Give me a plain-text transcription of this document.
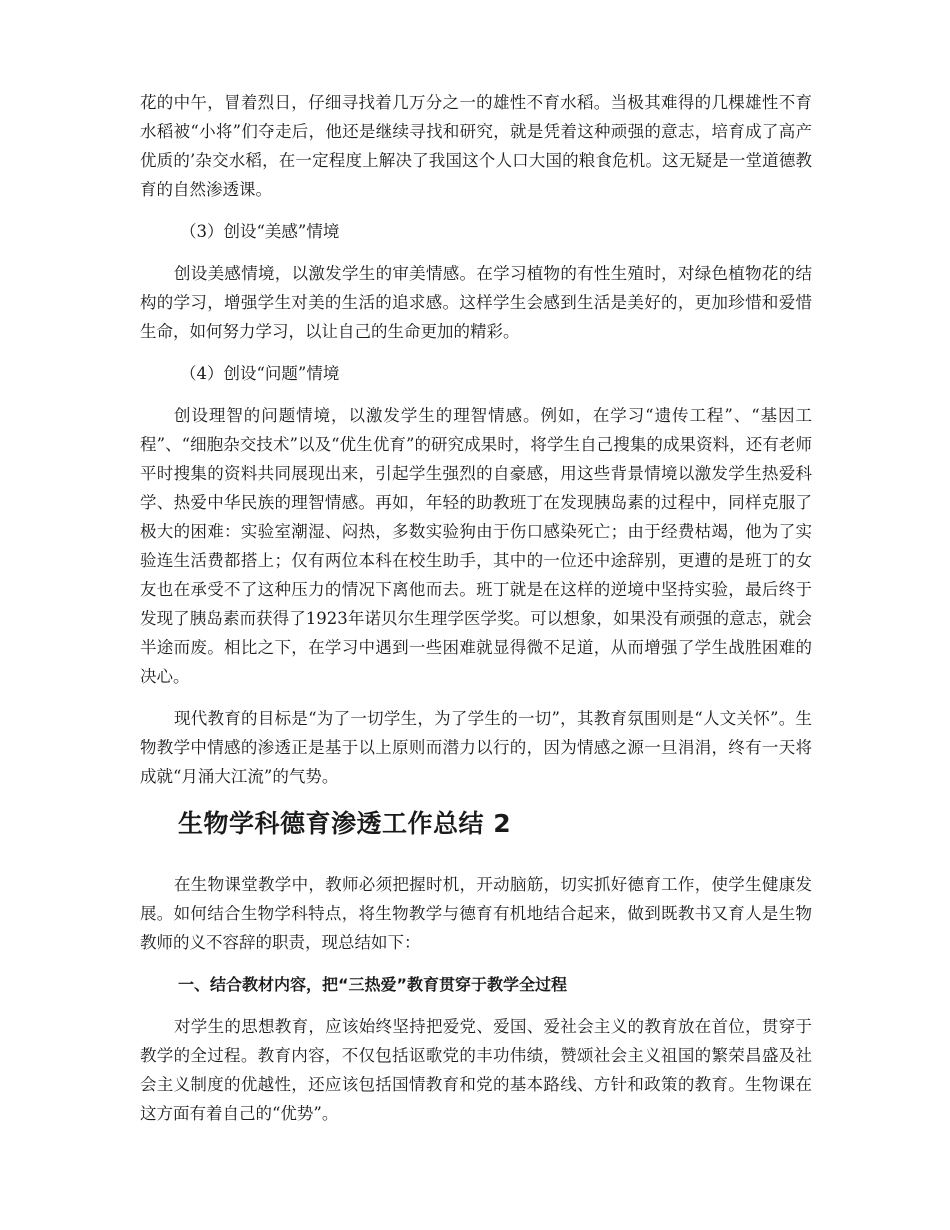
花的中午，冒着烈日，仔细寻找着几万分之一的雄性不育水稻。当极其难得的几棵雄性不育水稻被“小将”们夺走后，他还是继续寻找和研究，就是凭着这种顽强的意志，培育成了高产优质的’杂交水稻，在一定程度上解决了我国这个人口大国的粮食危机。这无疑是一堂道德教育的自然渗透课。

（3）创设“美感”情境

创设美感情境，以激发学生的审美情感。在学习植物的有性生殖时，对绿色植物花的结构的学习，增强学生对美的生活的追求感。这样学生会感到生活是美好的，更加珍惜和爱惜生命，如何努力学习，以让自己的生命更加的精彩。

（4）创设“问题”情境

创设理智的问题情境，以激发学生的理智情感。例如，在学习“遗传工程”、“基因工程”、“细胞杂交技术”以及“优生优育”的研究成果时，将学生自己搜集的成果资料，还有老师平时搜集的资料共同展现出来，引起学生强烈的自豪感，用这些背景情境以激发学生热爱科学、热爱中华民族的理智情感。再如，年轻的助教班丁在发现胰岛素的过程中，同样克服了极大的困难：实验室潮湿、闷热，多数实验狗由于伤口感染死亡；由于经费枯竭，他为了实验连生活费都搭上；仅有两位本科在校生助手，其中的一位还中途辞别，更遭的是班丁的女友也在承受不了这种压力的情况下离他而去。班丁就是在这样的逆境中坚持实验，最后终于发现了胰岛素而获得了1923年诺贝尔生理学医学奖。可以想象，如果没有顽强的意志，就会半途而废。相比之下，在学习中遇到一些困难就显得微不足道，从而增强了学生战胜困难的决心。

现代教育的目标是“为了一切学生，为了学生的一切”，其教育氛围则是“人文关怀”。生物教学中情感的渗透正是基于以上原则而潜力以行的，因为情感之源一旦涓涓，终有一天将成就“月涌大江流”的气势。

生物学科德育渗透工作总结 2

在生物课堂教学中，教师必须把握时机，开动脑筋，切实抓好德育工作，使学生健康发展。如何结合生物学科特点，将生物教学与德育有机地结合起来，做到既教书又育人是生物教师的义不容辞的职责，现总结如下：

一、结合教材内容，把“三热爱”教育贯穿于教学全过程

对学生的思想教育，应该始终坚持把爱党、爱国、爱社会主义的教育放在首位，贯穿于教学的全过程。教育内容，不仅包括讴歌党的丰功伟绩，赞颂社会主义祖国的繁荣昌盛及社会主义制度的优越性，还应该包括国情教育和党的基本路线、方针和政策的教育。生物课在这方面有着自己的“优势”。
